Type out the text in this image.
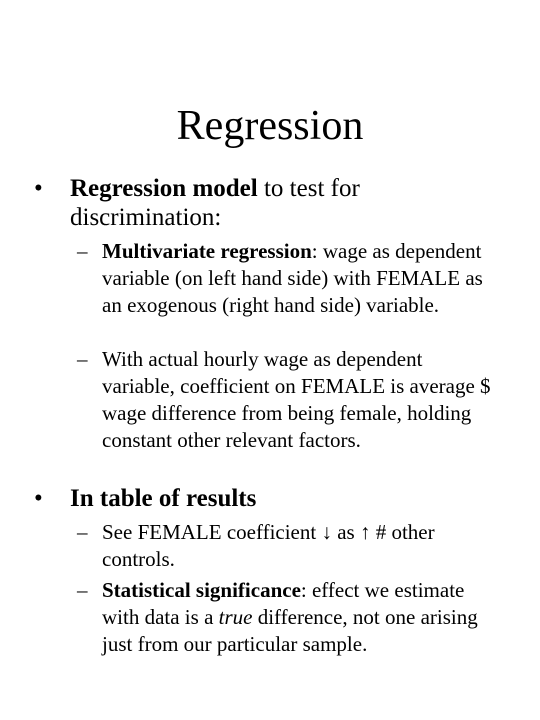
Regression
• Regression model to test for discrimination:
– Multivariate regression: wage as dependent variable (on left hand side) with FEMALE as an exogenous (right hand side) variable.
– With actual hourly wage as dependent variable, coefficient on FEMALE is average $ wage difference from being female, holding constant other relevant factors.
• In table of results
– See FEMALE coefficient ↓ as ↑ # other controls.
– Statistical significance: effect we estimate with data is a true difference, not one arising just from our particular sample.
